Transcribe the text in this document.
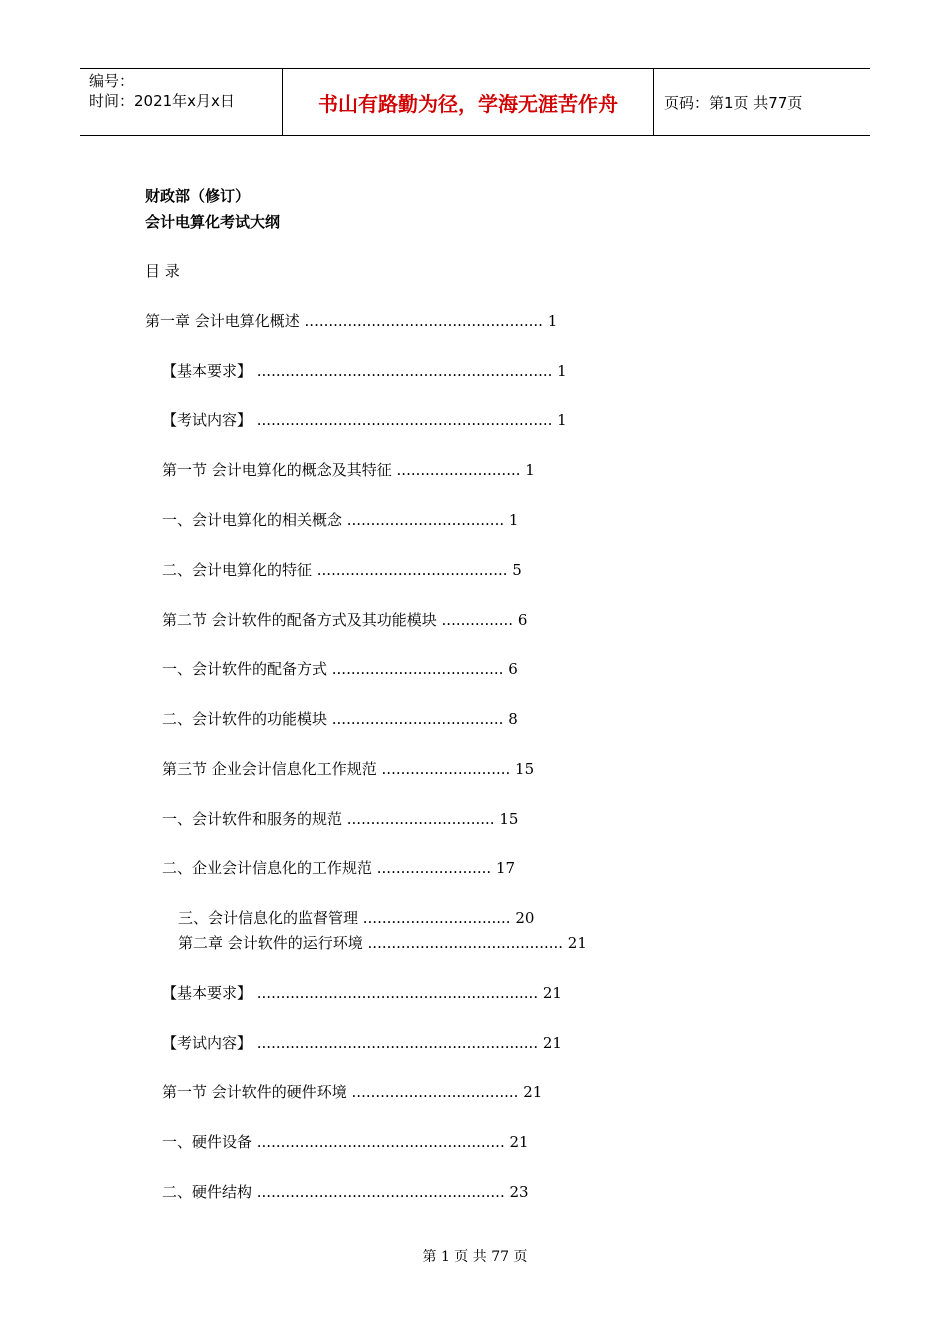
编号：
时间：2021年x月x日	书山有路勤为径，学海无涯苦作舟	页码：第1页 共77页
财政部（修订）
会计电算化考试大纲
目 录
第一章 会计电算化概述 .................................................. 1
【基本要求】 .............................................................. 1
【考试内容】 .............................................................. 1
第一节 会计电算化的概念及其特征 .......................... 1
一、会计电算化的相关概念 ................................. 1
二、会计电算化的特征 ........................................ 5
第二节 会计软件的配备方式及其功能模块 ............... 6
一、会计软件的配备方式 .................................... 6
二、会计软件的功能模块 .................................... 8
第三节 企业会计信息化工作规范 ........................... 15
一、会计软件和服务的规范 ............................... 15
二、企业会计信息化的工作规范 ........................ 17
三、会计信息化的监督管理 ............................... 20
第二章 会计软件的运行环境 ......................................... 21
【基本要求】 ........................................................... 21
【考试内容】 ........................................................... 21
第一节 会计软件的硬件环境 ................................... 21
一、硬件设备 .................................................... 21
二、硬件结构 .................................................... 23
第 1 页 共 77 页
